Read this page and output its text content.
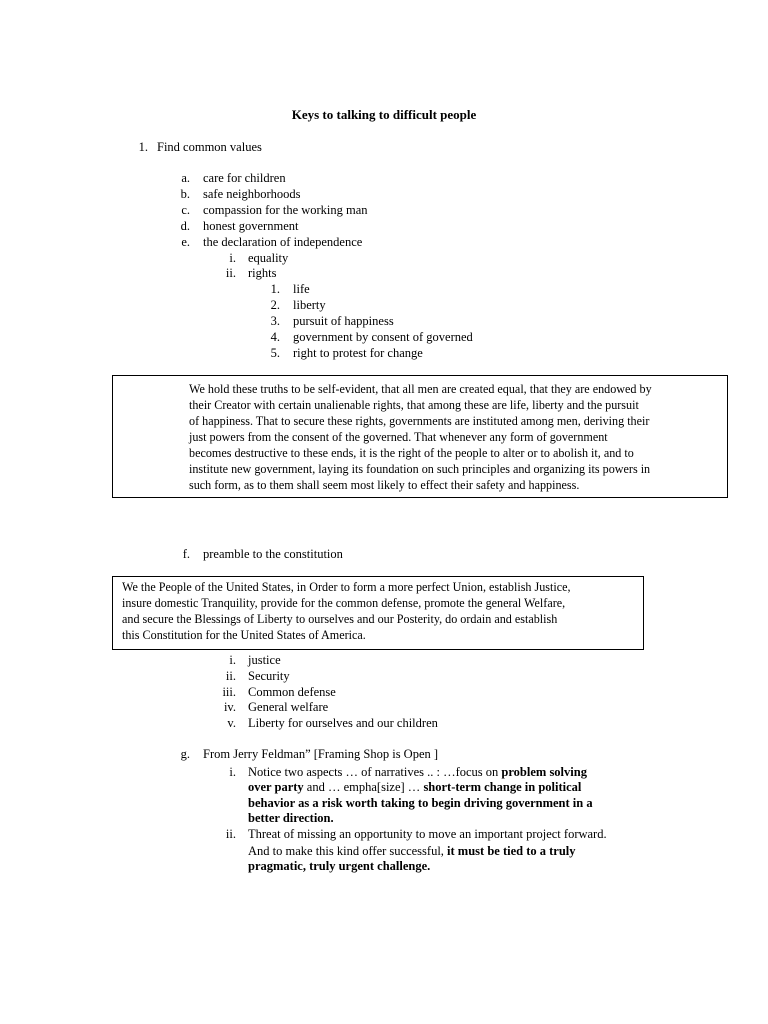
Keys to talking to difficult people
1. Find common values
a. care for children
b. safe neighborhoods
c. compassion for the working man
d. honest government
e. the declaration of independence
i. equality
ii. rights
1. life
2. liberty
3. pursuit of happiness
4. government by consent of governed
5. right to protest for change
We hold these truths to be self-evident, that all men are created equal, that they are endowed by
their Creator with certain unalienable rights, that among these are life, liberty and the pursuit
of happiness. That to secure these rights, governments are instituted among men, deriving their
just powers from the consent of the governed. That whenever any form of government
becomes destructive to these ends, it is the right of the people to alter or to abolish it, and to
institute new government, laying its foundation on such principles and organizing its powers in
such form, as to them shall seem most likely to effect their safety and happiness.
f. preamble to the constitution
We the People of the United States, in Order to form a more perfect Union, establish Justice,
insure domestic Tranquility, provide for the common defense, promote the general Welfare,
and secure the Blessings of Liberty to ourselves and our Posterity, do ordain and establish
this Constitution for the United States of America.
i. justice
ii. Security
iii. Common defense
iv. General welfare
v. Liberty for ourselves and our children
g. From Jerry Feldman” [Framing Shop is Open ]
i. Notice two aspects … of narratives .. : …focus on problem solving
over party and … empha[size] … short-term change in political
behavior as a risk worth taking to begin driving government in a
better direction.
ii. Threat of missing an opportunity to move an important project forward.
And to make this kind offer successful, it must be tied to a truly
pragmatic, truly urgent challenge.
